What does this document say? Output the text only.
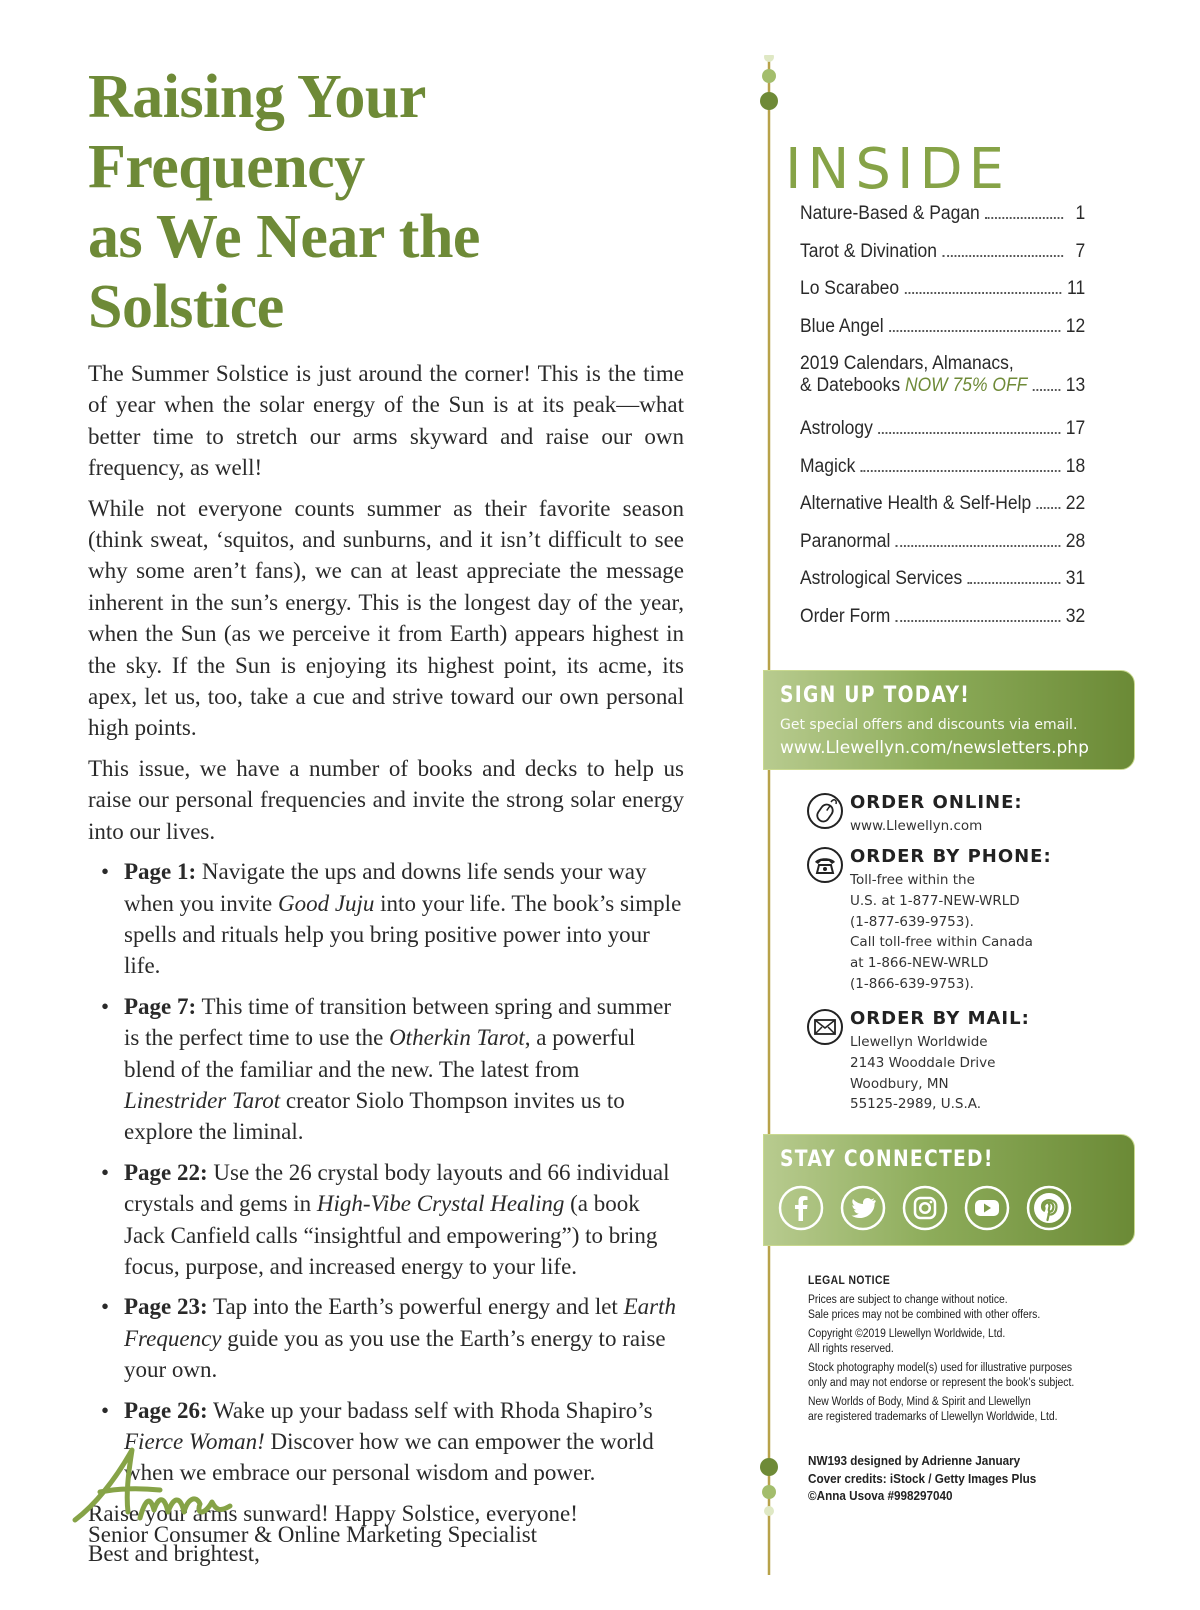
Raising Your Frequency
as We Near the Solstice

The Summer Solstice is just around the corner! This is the time of year when the solar energy of the Sun is at its peak—what better time to stretch our arms skyward and raise our own frequency, as well!

While not everyone counts summer as their favorite season (think sweat, ‘squitos, and sunburns, and it isn’t difficult to see why some aren’t fans), we can at least appreciate the message inherent in the sun’s energy. This is the longest day of the year, when the Sun (as we perceive it from Earth) appears highest in the sky. If the Sun is enjoying its highest point, its acme, its apex, let us, too, take a cue and strive toward our own personal high points.

This issue, we have a number of books and decks to help us raise our personal frequencies and invite the strong solar energy into our lives.

• Page 1: Navigate the ups and downs life sends your way when you invite Good Juju into your life. The book’s simple spells and rituals help you bring positive power into your life.
• Page 7: This time of transition between spring and summer is the perfect time to use the Otherkin Tarot, a powerful blend of the familiar and the new. The latest from Linestrider Tarot creator Siolo Thompson invites us to explore the liminal.
• Page 22: Use the 26 crystal body layouts and 66 individual crystals and gems in High-Vibe Crystal Healing (a book Jack Canfield calls “insightful and empowering”) to bring focus, purpose, and increased energy to your life.
• Page 23: Tap into the Earth’s powerful energy and let Earth Frequency guide you as you use the Earth’s energy to raise your own.
• Page 26: Wake up your badass self with Rhoda Shapiro’s Fierce Woman! Discover how we can empower the world when we embrace our personal wisdom and power.

Raise your arms sunward! Happy Solstice, everyone!

Best and brightest,

Senior Consumer & Online Marketing Specialist
INSIDE
Nature-Based & Pagan	1
Tarot & Divination	7
Lo Scarabeo	11
Blue Angel	12
2019 Calendars, Almanacs,
& Datebooks
NOW 75% OFF 13
Astrology	17
Magick	18
Alternative Health & Self-Help 22
Paranormal	28
Astrological Services	31
Order Form	32
SIGN UP TODAY!
Get special offers and discounts via email.
www.Llewellyn.com/newsletters.php
ORDER ONLINE:
www.Llewellyn.com
ORDER BY PHONE:
Toll-free within the
U.S. at 1-877-NEW-WRLD
(1-877-639-9753).
Call toll-free within Canada
at 1-866-NEW-WRLD
(1-866-639-9753).
ORDER BY MAIL:
Llewellyn Worldwide
2143 Wooddale Drive
Woodbury, MN
55125-2989, U.S.A.
STAY CONNECTED!

LEGAL NOTICE

Prices are subject to change without notice.
Sale prices may not be combined with other offers.

Copyright ©2019 Llewellyn Worldwide, Ltd.
All rights reserved.

Stock photography model(s) used for illustrative purposes
only and may not endorse or represent the book’s subject.

New Worlds of Body, Mind & Spirit and Llewellyn
are registered trademarks of Llewellyn Worldwide, Ltd.

NW193 designed by Adrienne January
Cover credits: iStock / Getty Images Plus
©Anna Usova #998297040
